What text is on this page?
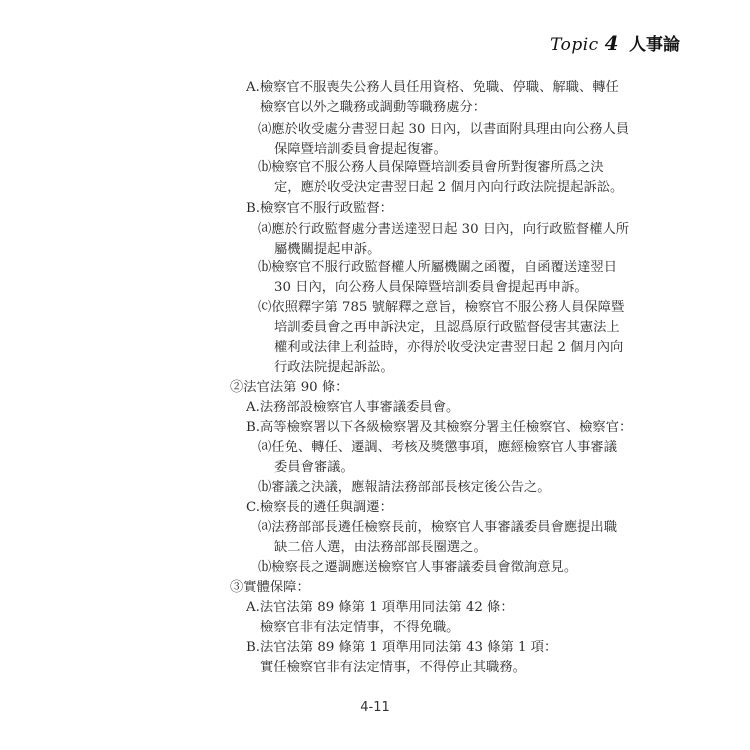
Topic 4 人事論
A.檢察官不服喪失公務人員任用資格、免職、停職、解職、轉任
檢察官以外之職務或調動等職務處分：
⒜應於收受處分書翌日起 30 日內，以書面附具理由向公務人員
保障暨培訓委員會提起復審。
⒝檢察官不服公務人員保障暨培訓委員會所對復審所爲之決
定，應於收受決定書翌日起 2 個月內向行政法院提起訴訟。
B.檢察官不服行政監督：
⒜應於行政監督處分書送達翌日起 30 日內，向行政監督權人所
屬機關提起申訴。
⒝檢察官不服行政監督權人所屬機關之函覆，自函覆送達翌日
30 日內，向公務人員保障暨培訓委員會提起再申訴。
⒞依照釋字第 785 號解釋之意旨，檢察官不服公務人員保障暨
培訓委員會之再申訴決定，且認爲原行政監督侵害其憲法上
權利或法律上利益時，亦得於收受決定書翌日起 2 個月內向
行政法院提起訴訟。
②法官法第 90 條：
A.法務部設檢察官人事審議委員會。
B.高等檢察署以下各級檢察署及其檢察分署主任檢察官、檢察官：
⒜任免、轉任、遷調、考核及獎懲事項，應經檢察官人事審議
委員會審議。
⒝審議之決議，應報請法務部部長核定後公告之。
C.檢察長的遴任與調遷：
⒜法務部部長遴任檢察長前，檢察官人事審議委員會應提出職
缺二倍人選，由法務部部長圈選之。
⒝檢察長之遷調應送檢察官人事審議委員會徵詢意見。
③實體保障：
A.法官法第 89 條第 1 項準用同法第 42 條：
檢察官非有法定情事，不得免職。
B.法官法第 89 條第 1 項準用同法第 43 條第 1 項：
實任檢察官非有法定情事，不得停止其職務。
4-11
